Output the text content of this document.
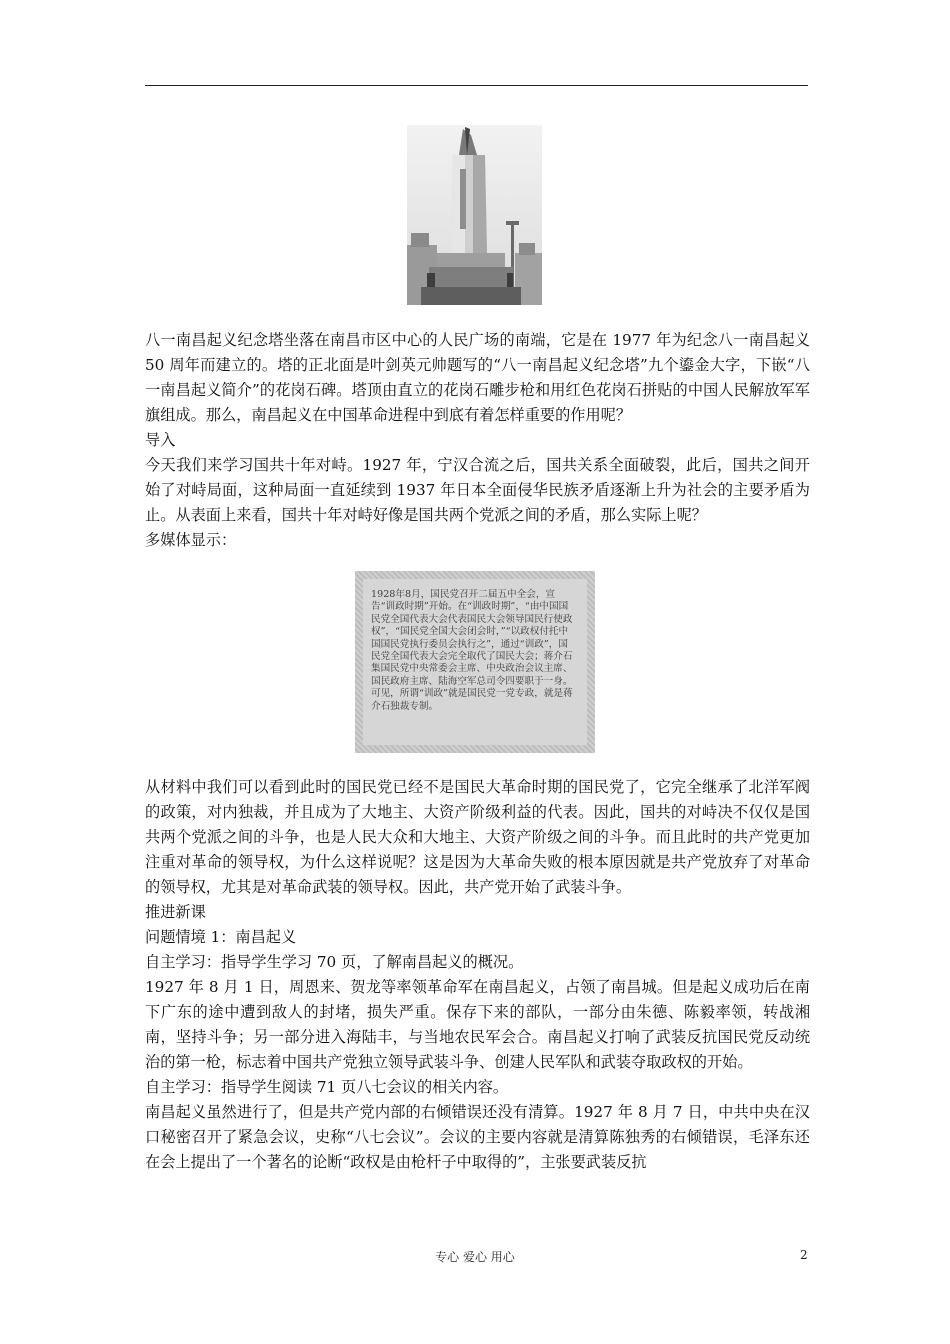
八一南昌起义纪念塔坐落在南昌市区中心的人民广场的南端，它是在 1977 年为纪念八一南昌起义 50 周年而建立的。塔的正北面是叶剑英元帅题写的“八一南昌起义纪念塔”九个鎏金大字，下嵌“八一南昌起义简介”的花岗石碑。塔顶由直立的花岗石雕步枪和用红色花岗石拼贴的中国人民解放军军旗组成。那么，南昌起义在中国革命进程中到底有着怎样重要的作用呢？

导入

今天我们来学习国共十年对峙。1927 年，宁汉合流之后，国共关系全面破裂，此后，国共之间开始了对峙局面，这种局面一直延续到 1937 年日本全面侵华民族矛盾逐渐上升为社会的主要矛盾为止。从表面上来看，国共十年对峙好像是国共两个党派之间的矛盾，那么实际上呢？

多媒体显示：

1928年8月，国民党召开二届五中全会，宣告“训政时期”开始。在“训政时期”，“由中国国民党全国代表大会代表国民大会领导国民行使政权”，“国民党全国大会闭会时，”“以政权付托中国国民党执行委员会执行之”，通过“训政”，国民党全国代表大会完全取代了国民大会；蒋介石集国民党中央常委会主席、中央政治会议主席、国民政府主席、陆海空军总司令四要职于一身。可见，所谓“训政”就是国民党一党专政，就是蒋介石独裁专制。

从材料中我们可以看到此时的国民党已经不是国民大革命时期的国民党了，它完全继承了北洋军阀的政策，对内独裁，并且成为了大地主、大资产阶级利益的代表。因此，国共的对峙决不仅仅是国共两个党派之间的斗争，也是人民大众和大地主、大资产阶级之间的斗争。而且此时的共产党更加注重对革命的领导权，为什么这样说呢？这是因为大革命失败的根本原因就是共产党放弃了对革命的领导权，尤其是对革命武装的领导权。因此，共产党开始了武装斗争。

推进新课

问题情境 1：南昌起义

自主学习：指导学生学习 70 页，了解南昌起义的概况。

1927 年 8 月 1 日，周恩来、贺龙等率领革命军在南昌起义，占领了南昌城。但是起义成功后在南下广东的途中遭到敌人的封堵，损失严重。保存下来的部队，一部分由朱德、陈毅率领，转战湘南，坚持斗争；另一部分进入海陆丰，与当地农民军会合。南昌起义打响了武装反抗国民党反动统治的第一枪，标志着中国共产党独立领导武装斗争、创建人民军队和武装夺取政权的开始。

自主学习：指导学生阅读 71 页八七会议的相关内容。

南昌起义虽然进行了，但是共产党内部的右倾错误还没有清算。1927 年 8 月 7 日，中共中央在汉口秘密召开了紧急会议，史称“八七会议”。会议的主要内容就是清算陈独秀的右倾错误，毛泽东还在会上提出了一个著名的论断“政权是由枪杆子中取得的”，主张要武装反抗

专心 爱心 用心	2
